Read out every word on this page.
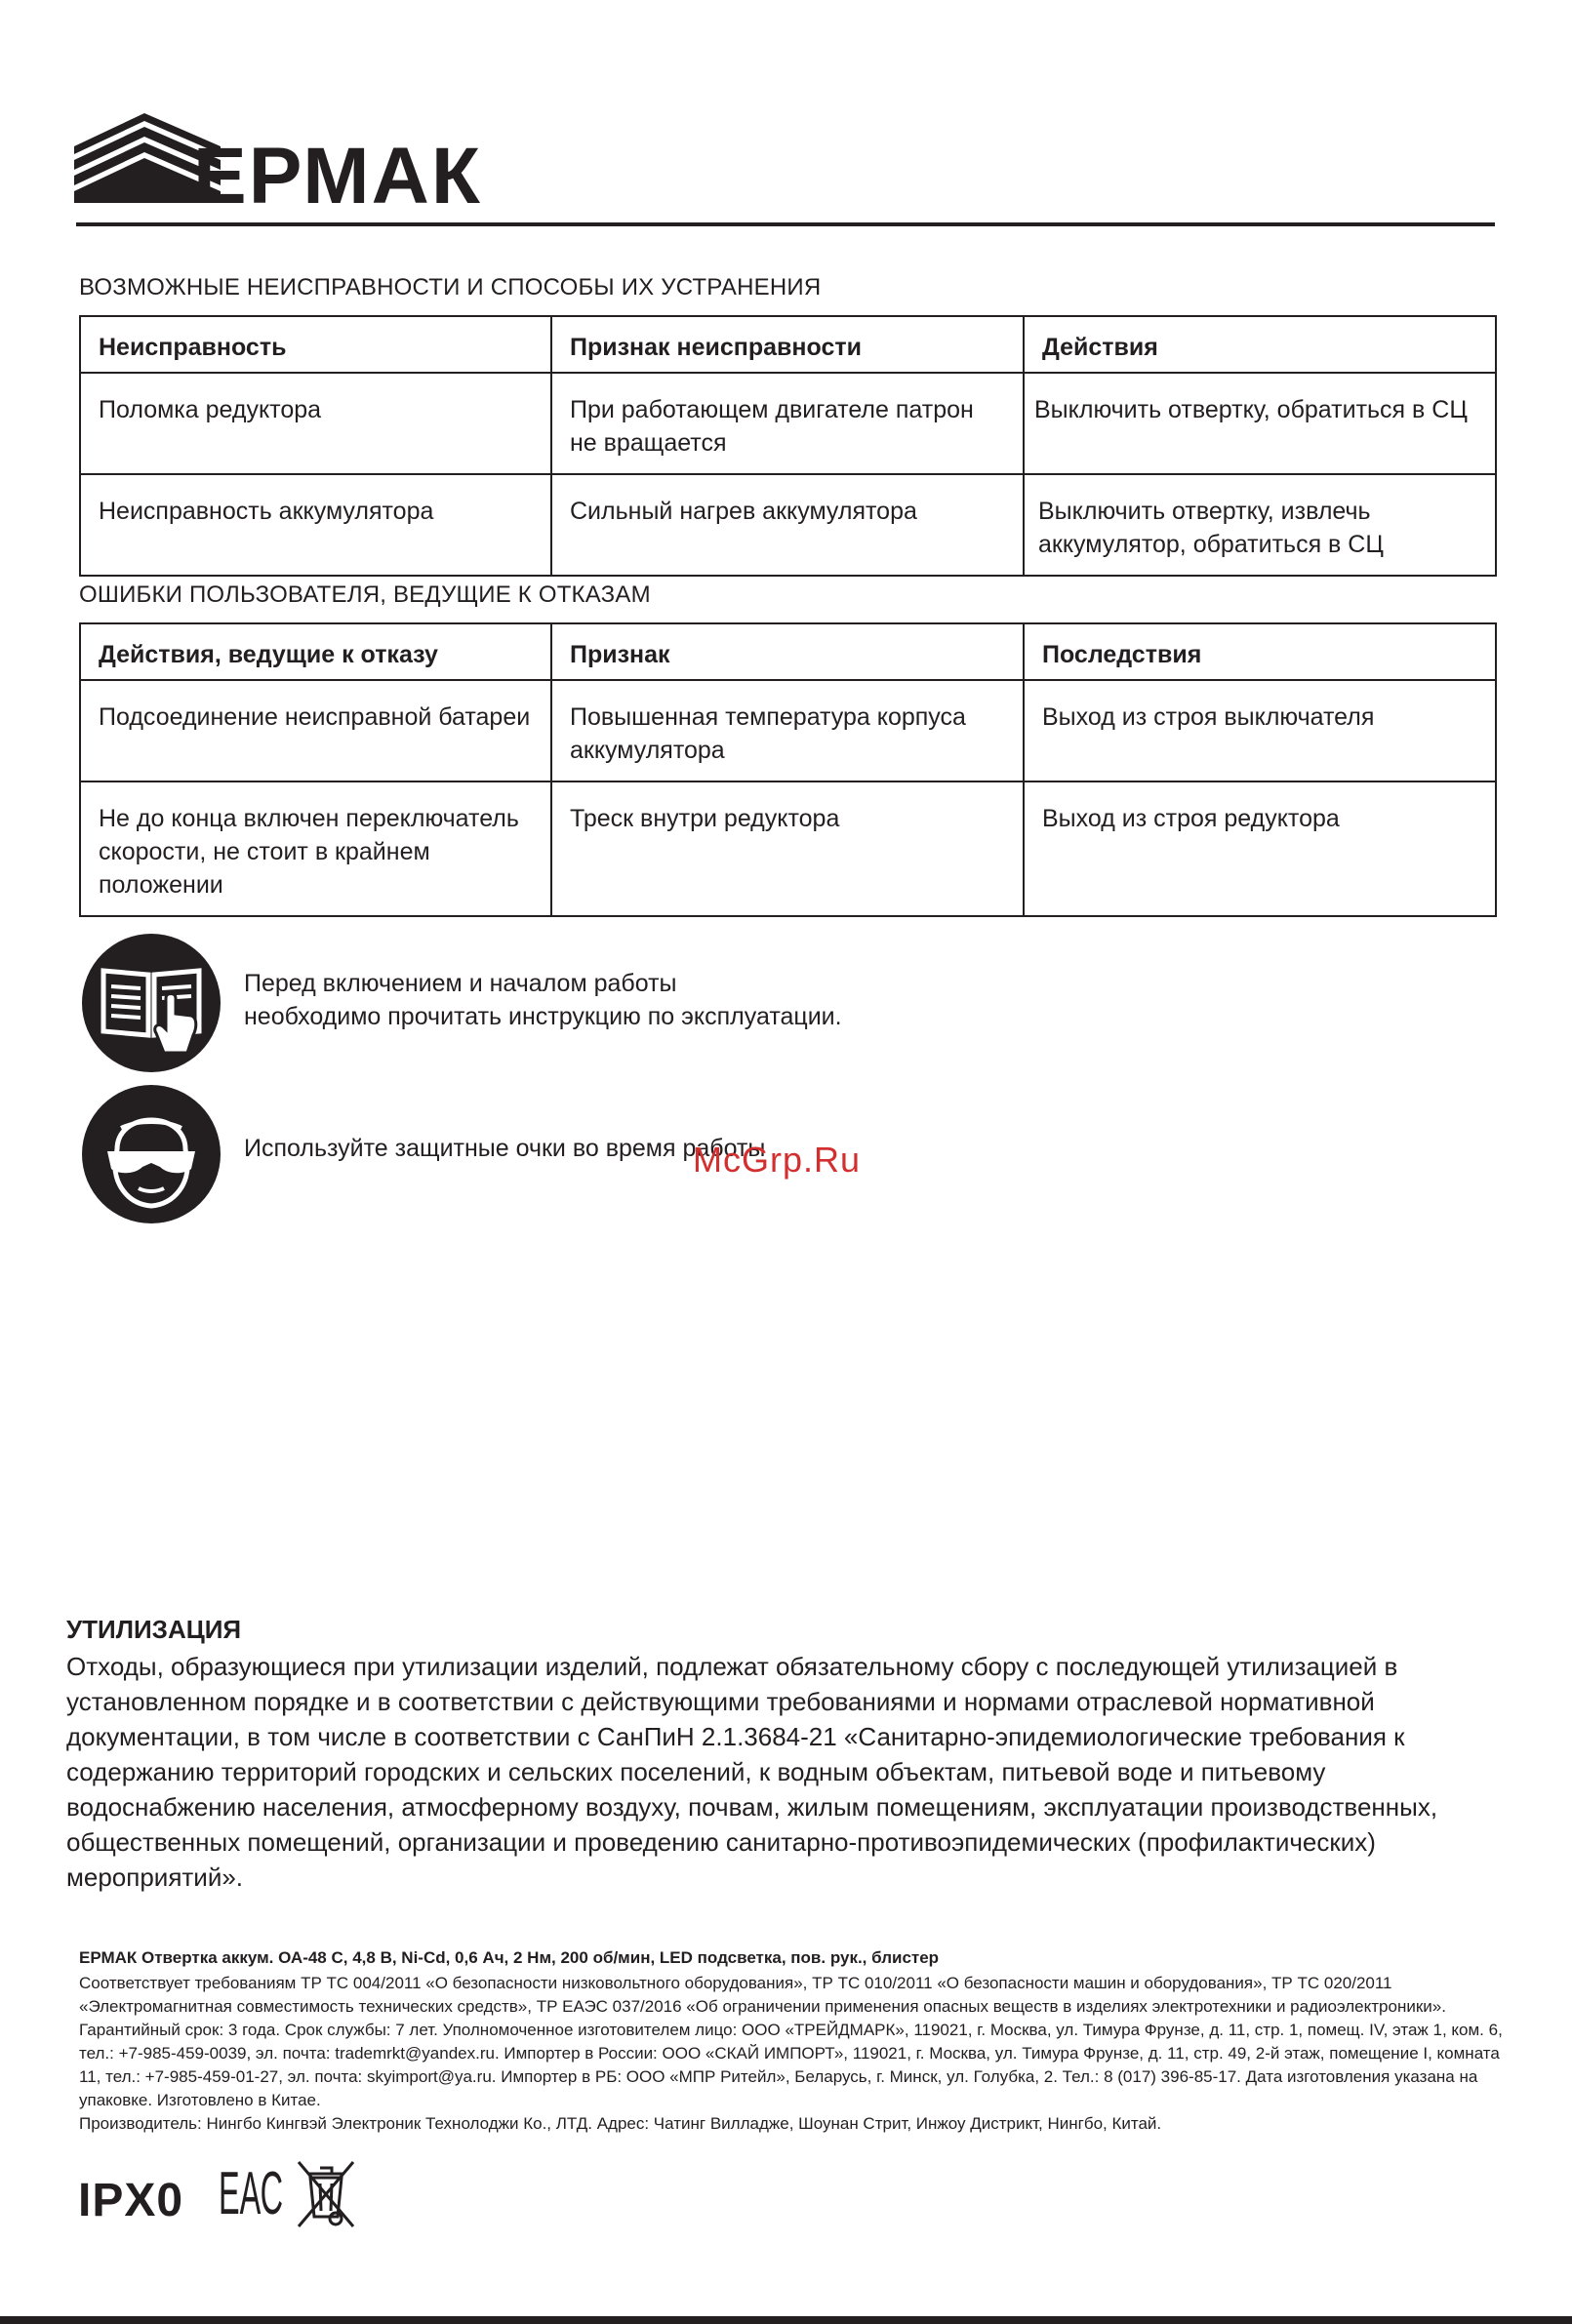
ЕРМАК
ВОЗМОЖНЫЕ НЕИСПРАВНОСТИ И СПОСОБЫ ИХ УСТРАНЕНИЯ
Неисправность	Признак неисправности	Действия
Поломка редуктора	При работающем двигателе патрон не вращается	Выключить отвертку, обратиться в СЦ
Неисправность аккумулятора	Сильный нагрев аккумулятора	Выключить отвертку, извлечь аккумулятор, обратиться в СЦ
ОШИБКИ ПОЛЬЗОВАТЕЛЯ, ВЕДУЩИЕ К ОТКАЗАМ
Действия, ведущие к отказу	Признак	Последствия
Подсоединение неисправной батареи	Повышенная температура корпуса аккумулятора	Выход из строя выключателя
Не до конца включен переключатель скорости, не стоит в крайнем положении	Треск внутри редуктора	Выход из строя редуктора
Перед включением и началом работы
необходимо прочитать инструкцию по эксплуатации.
Используйте защитные очки во время работы
McGrp.Ru
УТИЛИЗАЦИЯ
Отходы, образующиеся при утилизации изделий, подлежат обязательному сбору с последующей утилизацией в установленном порядке и в соответствии с действующими требованиями и нормами отраслевой нормативной документации, в том числе в соответствии с СанПиН 2.1.3684-21 «Санитарно-эпидемиологические требования к содержанию территорий городских и сельских поселений, к водным объектам, питьевой воде и питьевому водоснабжению населения, атмосферному воздуху, почвам, жилым помещениям, эксплуатации производственных, общественных помещений, организации и проведению санитарно-противоэпидемических (профилактических) мероприятий».
ЕРМАК Отвертка аккум. ОА-48 С, 4,8 В, Ni-Cd, 0,6 Ач, 2 Нм, 200 об/мин, LED подсветка, пов. рук., блистер
Соответствует требованиям ТР ТС 004/2011 «О безопасности низковольтного оборудования», ТР ТС 010/2011 «О безопасности машин и оборудования», ТР ТС 020/2011 «Электромагнитная совместимость технических средств», ТР ЕАЭС 037/2016 «Об ограничении применения опасных веществ в изделиях электротехники и радиоэлектроники». Гарантийный срок: 3 года. Срок службы: 7 лет. Уполномоченное изготовителем лицо: ООО «ТРЕЙДМАРК», 119021, г. Москва, ул. Тимура Фрунзе, д. 11, стр. 1, помещ. IV, этаж 1, ком. 6, тел.: +7-985-459-0039, эл. почта: trademrkt@yandex.ru. Импортер в России: ООО «СКАЙ ИМПОРТ», 119021, г. Москва, ул. Тимура Фрунзе, д. 11, стр. 49, 2-й этаж, помещение I, комната 11, тел.: +7-985-459-01-27, эл. почта: skyimport@ya.ru. Импортер в РБ: ООО «МПР Ритейл», Беларусь, г. Минск, ул. Голубка, 2. Тел.: 8 (017) 396-85-17. Дата изготовления указана на упаковке. Изготовлено в Китае.
Производитель: Нингбо Кингвэй Электроник Технолоджи Ко., ЛТД. Адрес: Чатинг Вилладже, Шоунан Стрит, Инжоу Дистрикт, Нингбо, Китай.
IPX0 ЕАС
